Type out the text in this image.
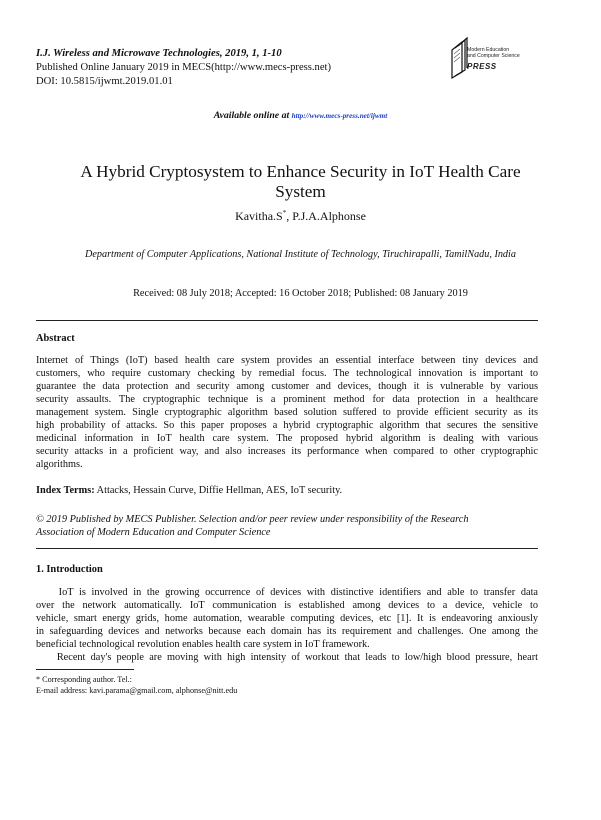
I.J. Wireless and Microwave Technologies, 2019, 1, 1-10
Published Online January 2019 in MECS(http://www.mecs-press.net)
DOI: 10.5815/ijwmt.2019.01.01
Modern Education
and Computer Science
PRESS
Available online at http://www.mecs-press.net/ijwmt
A Hybrid Cryptosystem to Enhance Security in IoT Health Care
System
Kavitha.S*, P.J.A.Alphonse
Department of Computer Applications, National Institute of Technology, Tiruchirapalli, TamilNadu, India
Received: 08 July 2018; Accepted: 16 October 2018; Published: 08 January 2019
Abstract
Internet of Things (IoT) based health care system provides an essential interface between tiny devices and
customers, who require customary checking by remedial focus. The technological innovation is important to
guarantee the data protection and security among customer and devices, though it is vulnerable by various
security assaults. The cryptographic technique is a prominent method for data protection in a healthcare
management system. Single cryptographic algorithm based solution suffered to provide efficient security as its
high probability of attacks. So this paper proposes a hybrid cryptographic algorithm that secures the sensitive
medicinal information in IoT health care system. The proposed hybrid algorithm is dealing with various
security attacks in a proficient way, and also increases its performance when compared to other cryptographic
algorithms.
Index Terms: Attacks, Hessain Curve, Diffie Hellman, AES, IoT security.
© 2019 Published by MECS Publisher. Selection and/or peer review under responsibility of the Research
Association of Modern Education and Computer Science
1. Introduction
IoT is involved in the growing occurrence of devices with distinctive identifiers and able to transfer data
over the network automatically. IoT communication is established among devices to a device, vehicle to
vehicle, smart energy grids, home automation, wearable computing devices, etc [1]. It is endeavoring anxiously
in safeguarding devices and networks because each domain has its requirement and challenges. One among the
beneficial technological revolution enables health care system in IoT framework.
Recent day's people are moving with high intensity of workout that leads to low/high blood pressure, heart
* Corresponding author. Tel.:
E-mail address: kavi.parama@gmail.com, alphonse@nitt.edu
